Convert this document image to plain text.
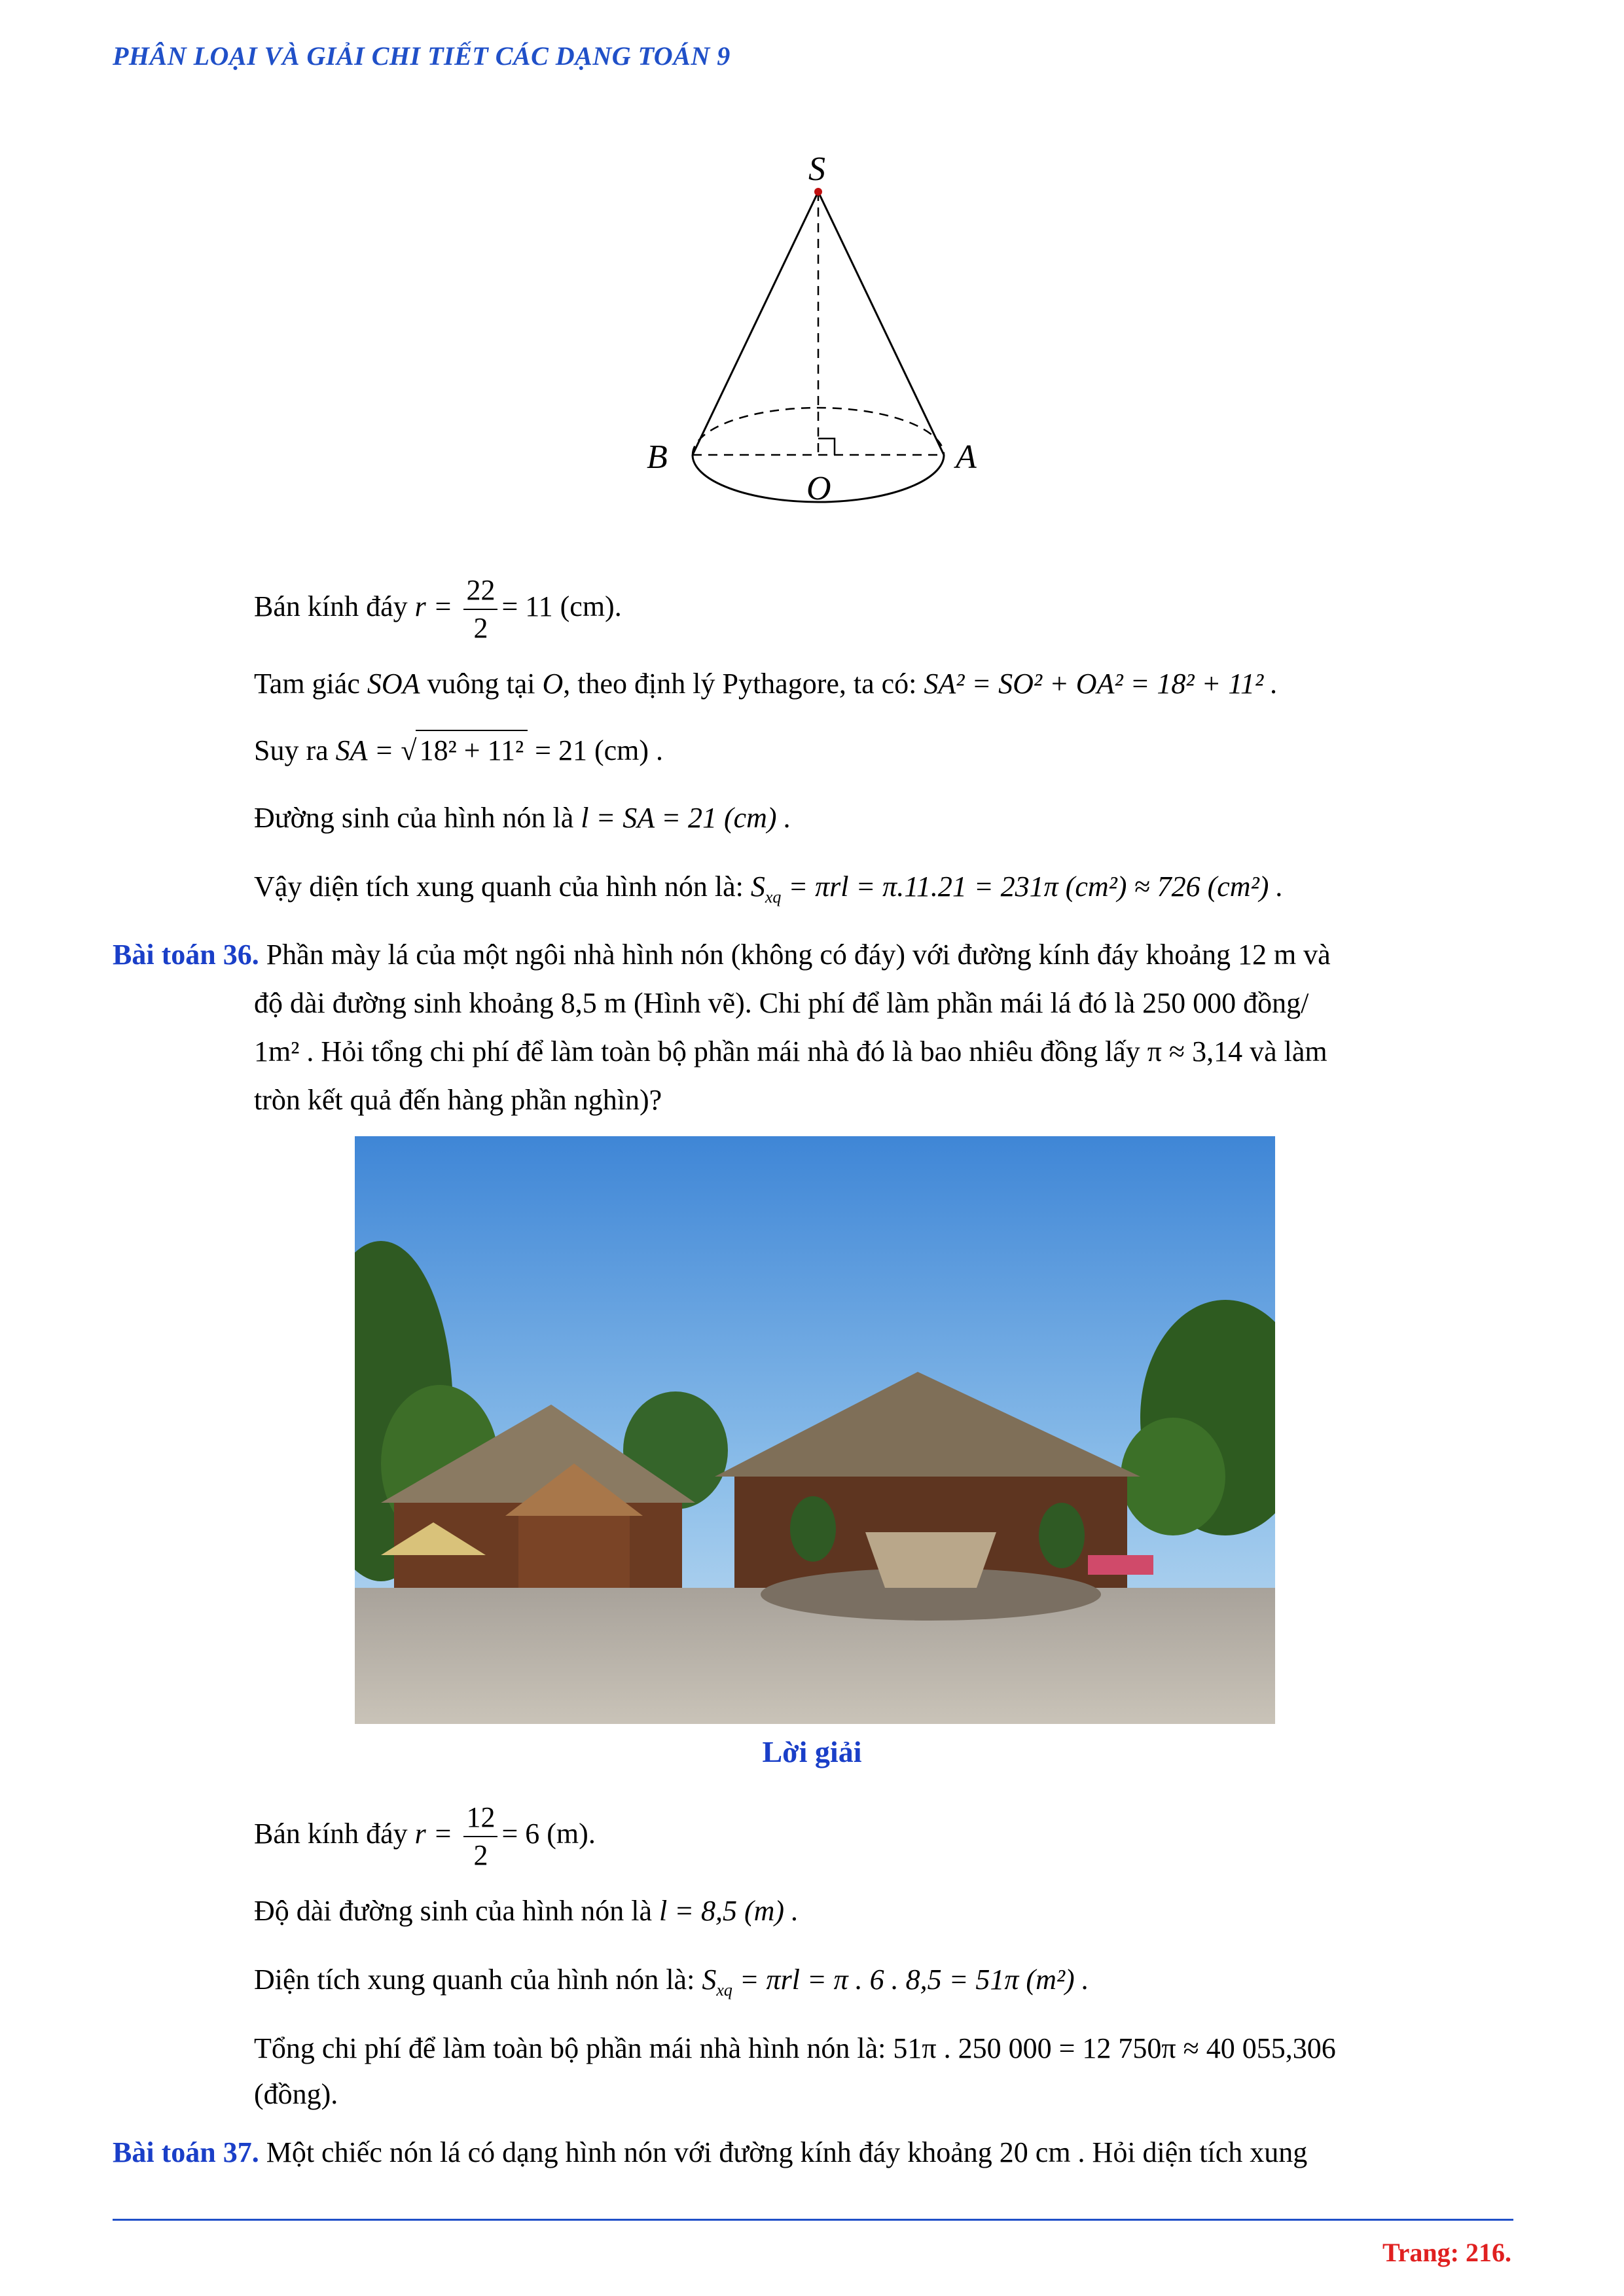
PHÂN LOẠI VÀ GIẢI CHI TIẾT CÁC DẠNG TOÁN 9
S
B	A
O
Bán kính đáy $r = \frac{22}{2} = 11$ (cm).
Tam giác SOA vuông tại O, theo định lý Pythagore, ta có: SA² = SO² + OA² = 18² + 11² .
Suy ra SA = √18² + 11² = 21 (cm) .
Đường sinh của hình nón là l = SA = 21 (cm) .
Vậy diện tích xung quanh của hình nón là: $S_{xq} = \pi rl = \pi.11.21 = 231\pi$ (cm²) ≈ 726 (cm²) .
Bài toán 36. Phần mày lá của một ngôi nhà hình nón (không có đáy) với đường kính đáy khoảng 12 m và
độ dài đường sinh khoảng 8,5 m (Hình vẽ). Chi phí để làm phần mái lá đó là 250 000 đồng/
1m² . Hỏi tổng chi phí để làm toàn bộ phần mái nhà đó là bao nhiêu đồng lấy π ≈ 3,14 và làm
tròn kết quả đến hàng phần nghìn)?
Lời giải
Bán kính đáy $r = \frac{12}{2} = 6$ (m).
Độ dài đường sinh của hình nón là l = 8,5 (m) .
Diện tích xung quanh của hình nón là: $S_{xq} = \pi rl = \pi$ . 6 . 8,5 = 51π (m²) .
Tổng chi phí để làm toàn bộ phần mái nhà hình nón là: 51π . 250 000 = 12 750π ≈ 40 055,306
(đồng).
Bài toán 37. Một chiếc nón lá có dạng hình nón với đường kính đáy khoảng 20 cm . Hỏi diện tích xung
Trang: 216.
